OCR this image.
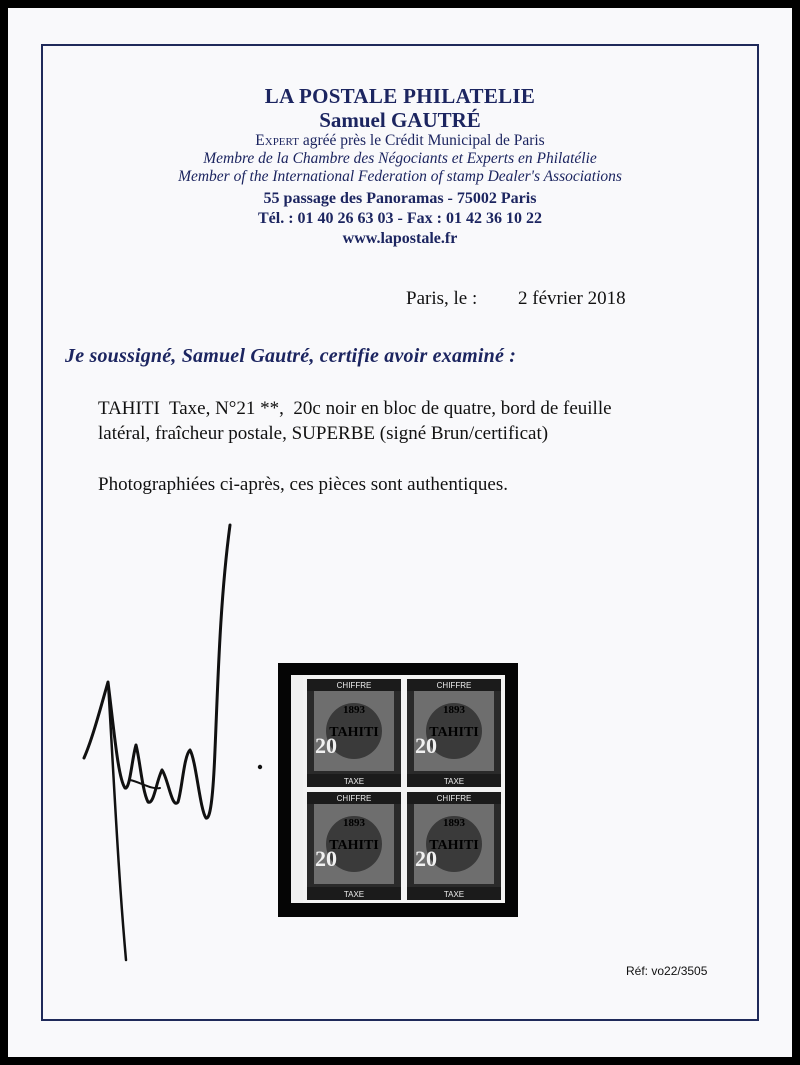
LA POSTALE PHILATELIE
Samuel GAUTRÉ
Expert agréé près le Crédit Municipal de Paris
Membre de la Chambre des Négociants et Experts en Philatélie
Member of the International Federation of stamp Dealer's Associations
55 passage des Panoramas - 75002 Paris
Tél. : 01 40 26 63 03 - Fax : 01 42 36 10 22
www.lapostale.fr
Paris, le : 2 février 2018
Je soussigné, Samuel Gautré, certifie avoir examiné :
TAHITI  Taxe, N°21 **,  20c noir en bloc de quatre, bord de feuille
latéral, fraîcheur postale, SUPERBE (signé Brun/certificat)
Photographiées ci-après, ces pièces sont authentiques.
CHIFFRE
1893
TAHITI
20
TAXE
CHIFFRE
1893
TAHITI
20
TAXE
CHIFFRE
1893
TAHITI
20
TAXE
CHIFFRE
1893
TAHITI
20
TAXE
Réf: vo22/3505
